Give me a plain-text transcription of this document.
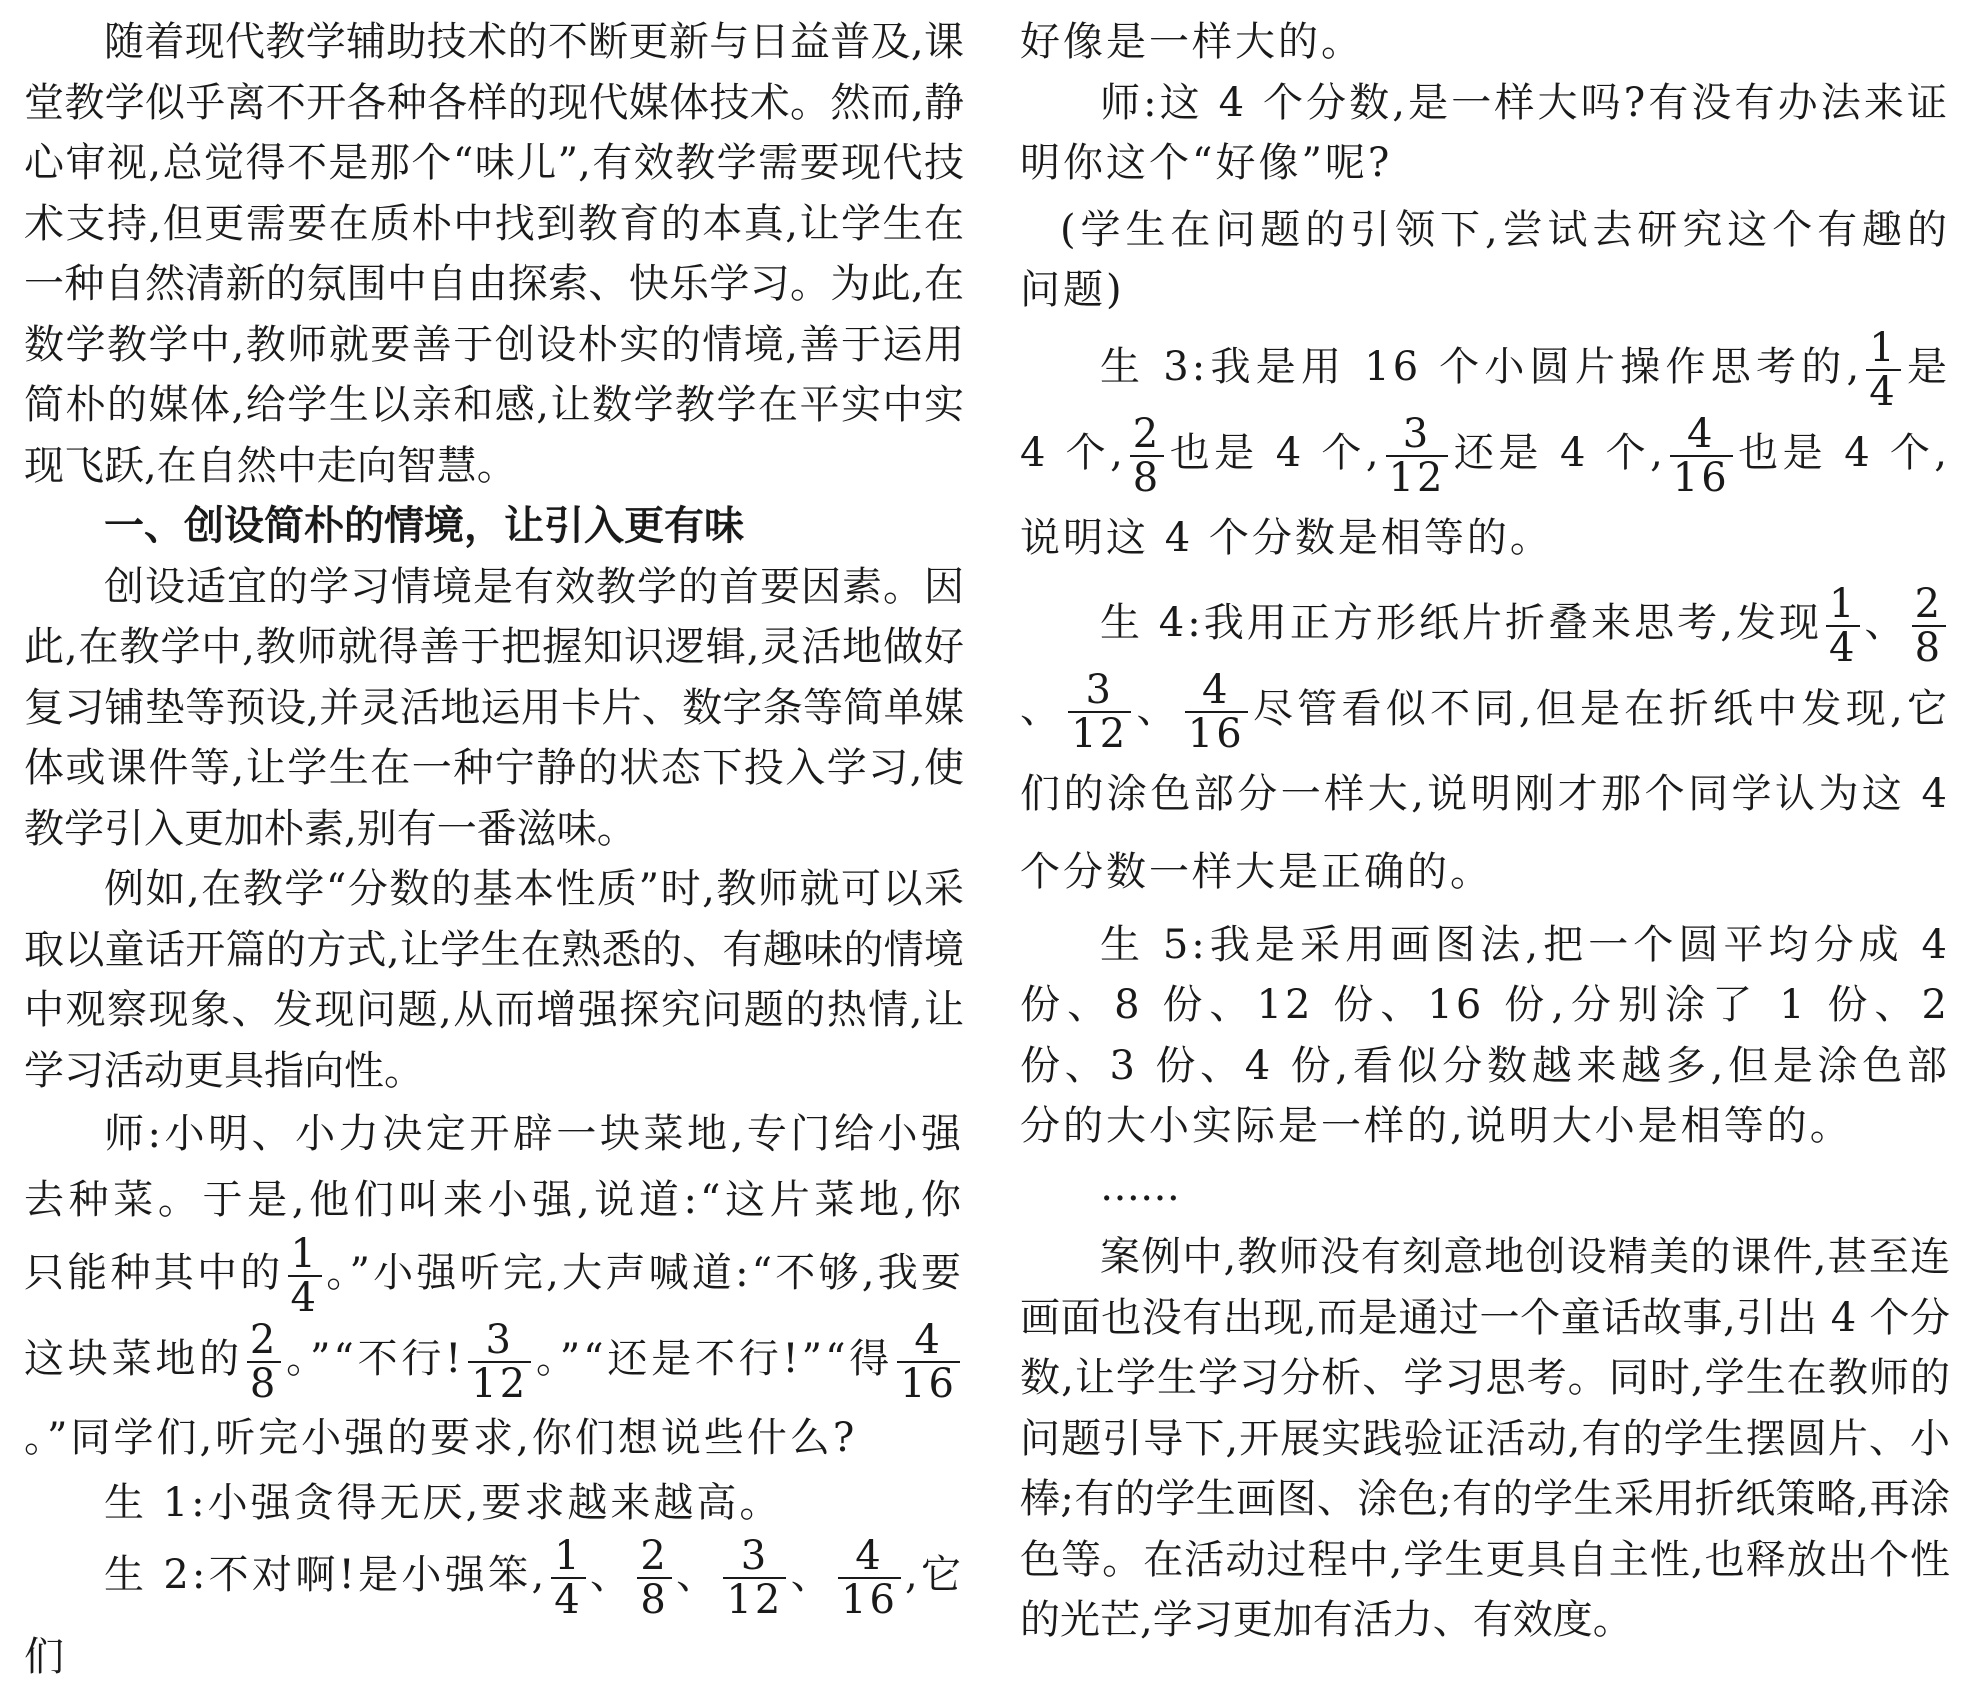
随着现代教学辅助技术的不断更新与日益普及,课堂教学似乎离不开各种各样的现代媒体技术。然而,静心审视,总觉得不是那个“味儿”,有效教学需要现代技术支持,但更需要在质朴中找到教育的本真,让学生在一种自然清新的氛围中自由探索、快乐学习。为此,在数学教学中,教师就要善于创设朴实的情境,善于运用简朴的媒体,给学生以亲和感,让数学教学在平实中实现飞跃,在自然中走向智慧。

一、创设简朴的情境，让引入更有味

创设适宜的学习情境是有效教学的首要因素。因此,在教学中,教师就得善于把握知识逻辑,灵活地做好复习铺垫等预设,并灵活地运用卡片、数字条等简单媒体或课件等,让学生在一种宁静的状态下投入学习,使教学引入更加朴素,别有一番滋味。

例如,在教学“分数的基本性质”时,教师就可以采取以童话开篇的方式,让学生在熟悉的、有趣味的情境中观察现象、发现问题,从而增强探究问题的热情,让学习活动更具指向性。

师:小明、小力决定开辟一块菜地,专门给小强去种菜。于是,他们叫来小强,说道:“这片菜地,你只能种其中的 $\frac{1}{4}$ 。”小强听完,大声喊道:“不够,我要这块菜地的 $\frac{2}{8}$ 。”“不行! $\frac{3}{12}$ 。”“还是不行!”“得 $\frac{4}{16}$
。”同学们,听完小强的要求,你们想说些什么?

生 1:小强贪得无厌,要求越来越高。

生 2:不对啊!是小强笨, $\frac{1}{4}$ 、 $\frac{2}{8}$ 、 $\frac{3}{12}$ 、 $\frac{4}{16}$ ,它们

好像是一样大的。

师:这 4 个分数,是一样大吗?有没有办法来证明你这个“好像”呢?

(学生在问题的引领下,尝试去研究这个有趣的问题)

生 3:我是用 16 个小圆片操作思考的, $\frac{1}{4}$ 是 4 个, $\frac{2}{8}$ 也是 4 个, $\frac{3}{12}$ 还是 4 个, $\frac{4}{16}$ 也是 4 个,说明这 4 个分数是相等的。

生 4:我用正方形纸片折叠来思考,发现 $\frac{1}{4}$ 、 $\frac{2}{8}$
、 $\frac{3}{12}$ 、 $\frac{4}{16}$ 尽管看似不同,但是在折纸中发现,它们的涂色部分一样大,说明刚才那个同学认为这 4 个分数一样大是正确的。

生 5:我是采用画图法,把一个圆平均分成 4 份、8 份、12 份、16 份,分别涂了 1 份、2 份、3 份、4 份,看似分数越来越多,但是涂色部分的大小实际是一样的,说明大小是相等的。

……

案例中,教师没有刻意地创设精美的课件,甚至连画面也没有出现,而是通过一个童话故事,引出 4 个分数,让学生学习分析、学习思考。同时,学生在教师的问题引导下,开展实践验证活动,有的学生摆圆片、小棒;有的学生画图、涂色;有的学生采用折纸策略,再涂色等。在活动过程中,学生更具自主性,也释放出个性的光芒,学习更加有活力、有效度。
